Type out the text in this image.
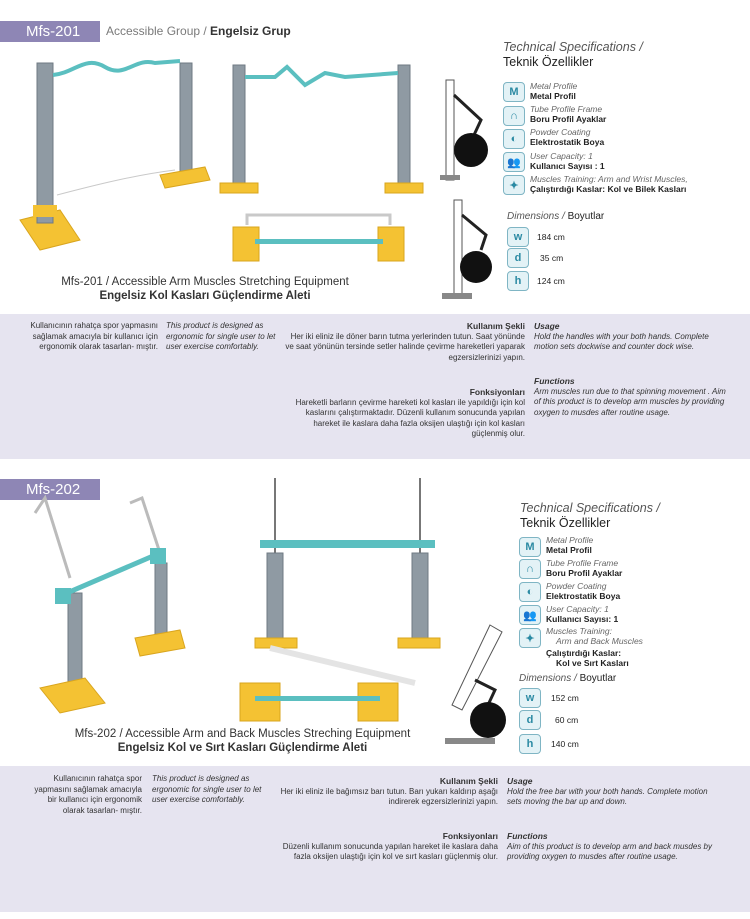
Mfs-201	Accessible Group / Engelsiz Grup
Technical Specifications /
Teknik Özellikler
M	Metal Profile
Metal Profil
∩
Tube Profile Frame
Boru Profil Ayaklar
◐
Powder Coating
Elektrostatik Boya
👥
User Capacity: 1
Kullanıcı Sayısı : 1
✦
Muscles Training: Arm and Wrist Muscles,
Çalıştırdığı Kaslar: Kol ve Bilek Kasları
Dimensions / Boyutlar
w	184 cm
d	35 cm
h	124 cm
Mfs-201 / Accessible Arm Muscles Stretching Equipment
Engelsiz Kol Kasları Güçlendirme Aleti
Kullanıcının rahatça spor yapmasını sağlamak amacıyla bir kullanıcı için ergonomik olarak tasarlan- mıştır.
This product is designed as ergonomic for single user to let user exercise comfortably.
Kullanım Şekli
Her iki eliniz ile döner barın tutma yerlerinden tutun. Saat yönünde ve saat yönünün tersinde setler halinde çevirme hareketleri yaparak egzersizlerinizi yapın.
Fonksiyonları
Hareketli barların çevirme hareketi kol kasları ile yapıldığı için kol kaslarını çalıştırmaktadır. Düzenli kullanım sonucunda yapılan hareket ile kaslara daha fazla oksijen ulaştığı için kol kasları güçlenmiş olur.
Usage
Hold the handles with your both hands. Complete motion sets dockwise and counter dock wise.
Functions
Arm muscles run due to that spinning movement . Aim of this product is to develop arm muscles by providing oxygen to musdes after routine usage.
Mfs-202
Technical Specifications /
Teknik Özellikler
M
Metal Profile
Metal Profil
∩	Tube Profile Frame
Boru Profil Ayaklar
◐	Powder Coating
Elektrostatik Boya
👥
User Capacity: 1
Kullanıcı Sayısı: 1
✦
Muscles Training:
Arm and Back Muscles
Çalıştırdığı Kaslar:
Kol ve Sırt Kasları
Dimensions / Boyutlar
w	152 cm
d	60 cm
h	140 cm
Mfs-202 / Accessible Arm and Back Muscles Streching Equipment
Engelsiz Kol ve Sırt Kasları Güçlendirme Aleti
Kullanıcının rahatça spor yapmasını sağlamak amacıyla bir kullanıcı için ergonomik olarak tasarlan- mıştır.
This product is designed as ergonomic for single user to let user exercise comfortably.
Kullanım Şekli
Her iki eliniz ile bağımsız barı tutun. Barı yukarı kaldırıp aşağı indirerek egzersizlerinizi yapın.
Fonksiyonları
Düzenli kullanım sonucunda yapılan hareket ile kaslara daha fazla oksijen ulaştığı için kol ve sırt kasları güçlenmiş olur.
Usage
Hold the free bar with your both hands. Complete motion sets moving the bar up and down.
Functions
Aim of this product is to develop arm and back musdes by providing oxygen to musdes after routine usage.
